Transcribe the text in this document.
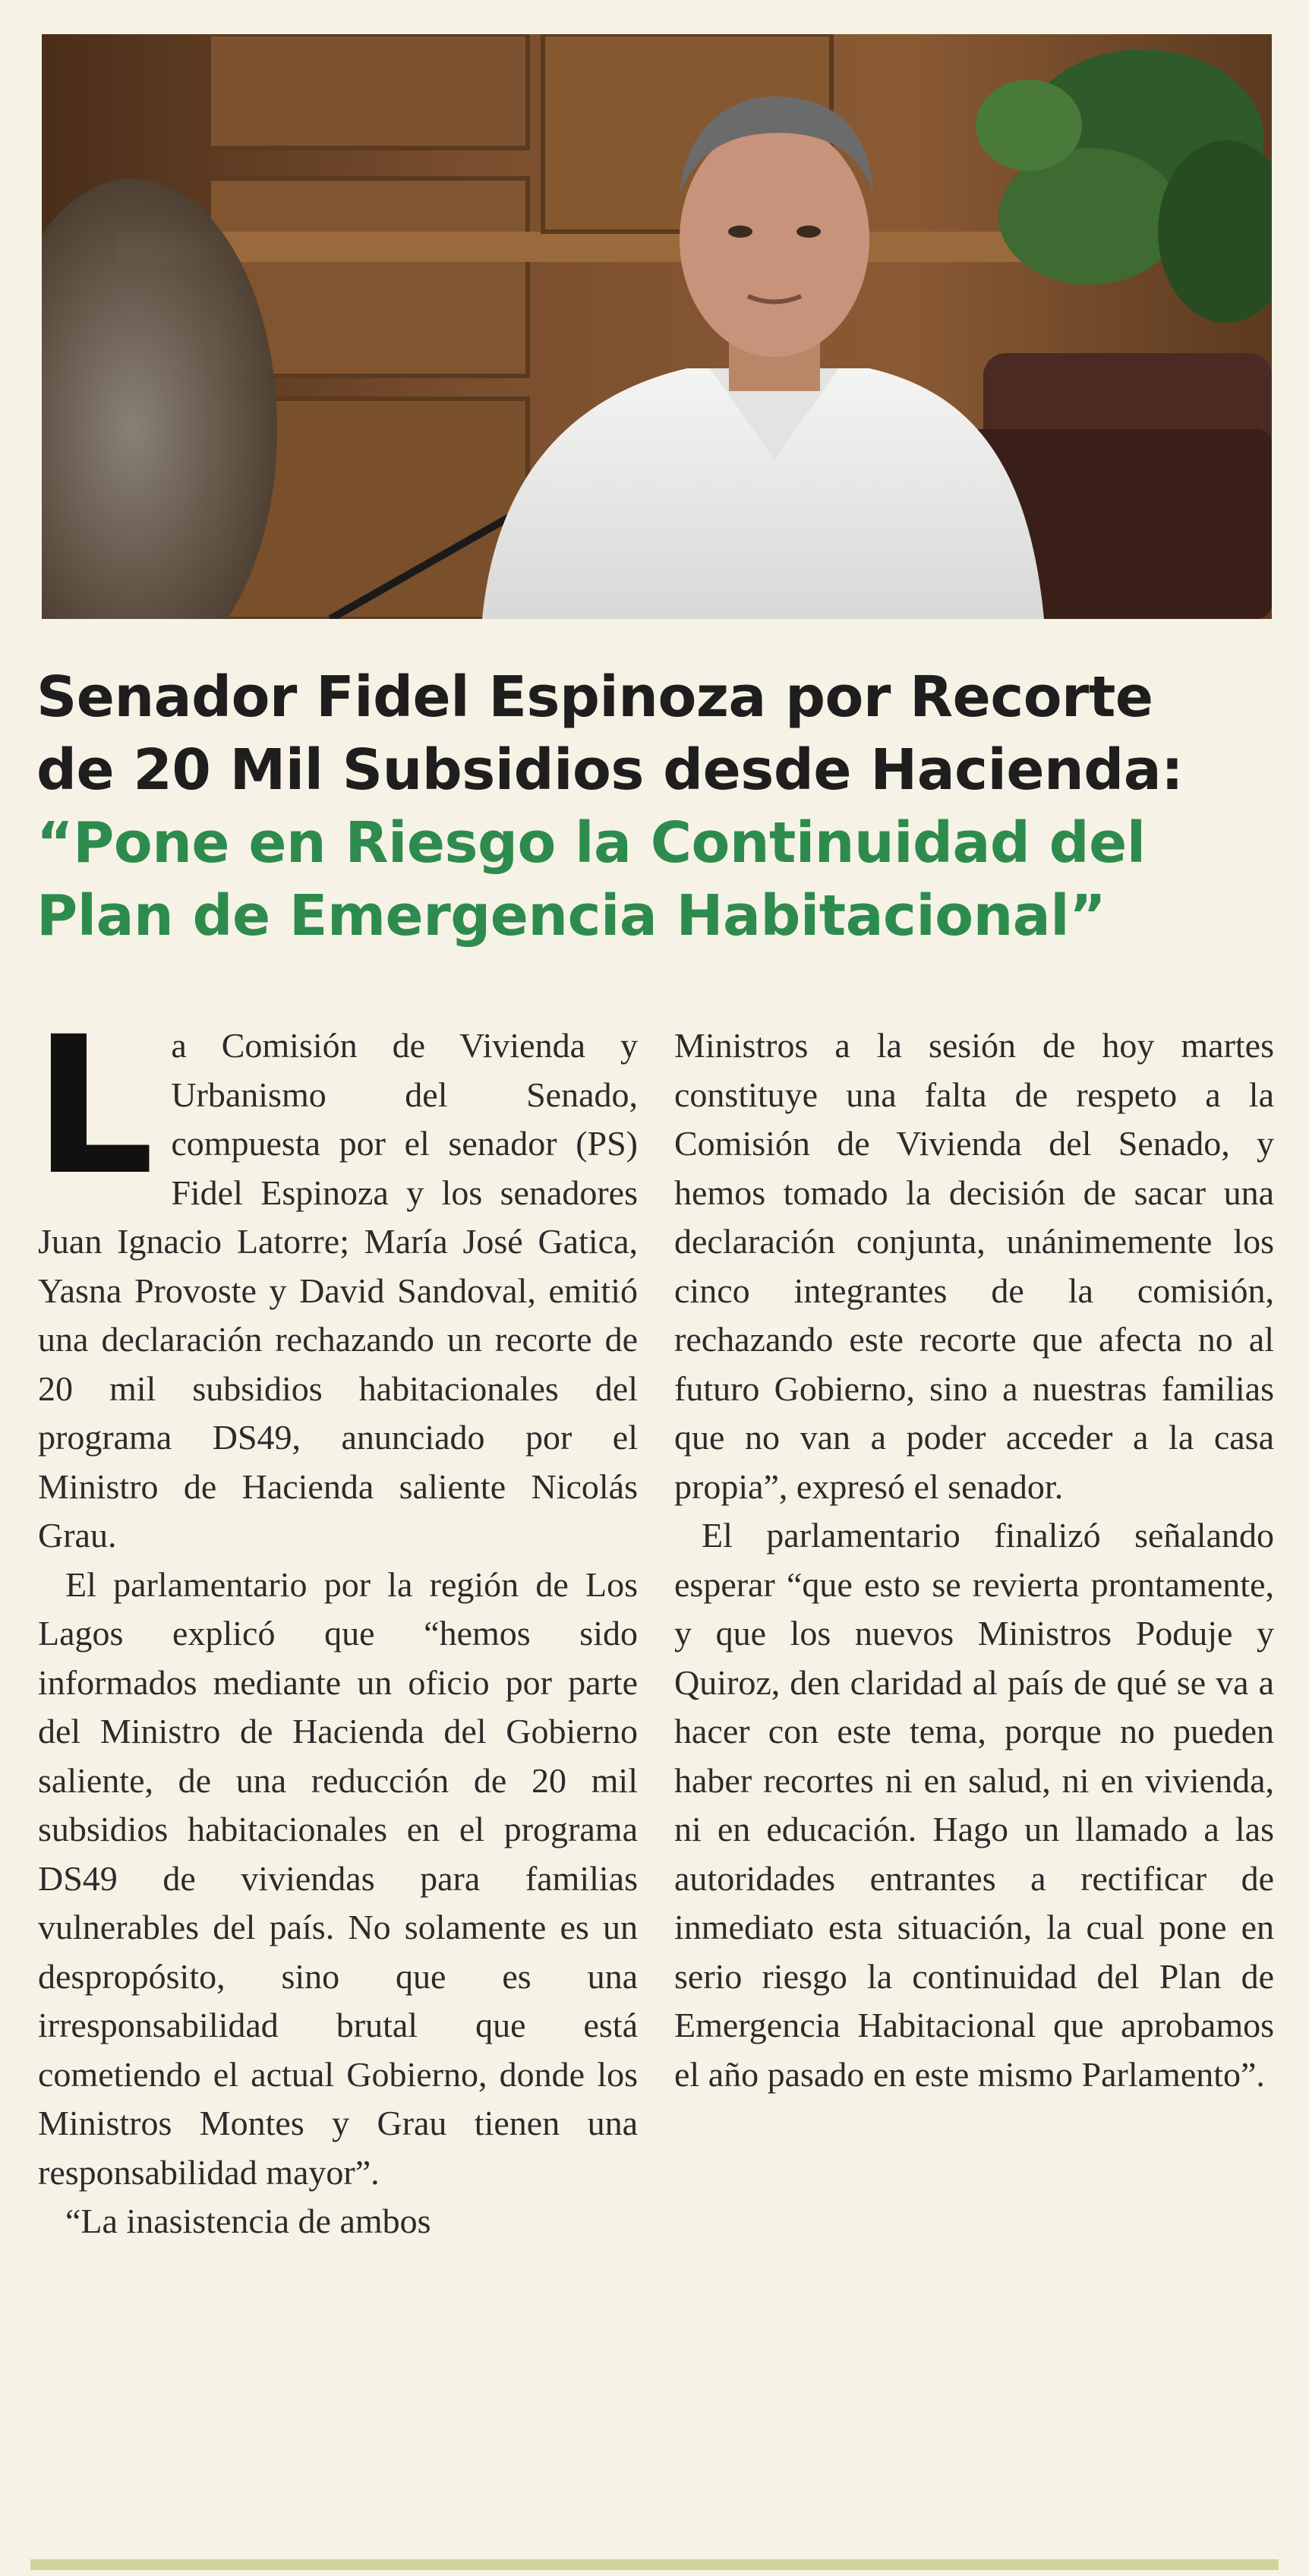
Senador Fidel Espinoza por Recorte
de 20 Mil Subsidios desde Hacienda:
“Pone en Riesgo la Continuidad del
Plan de Emergencia Habitacional”

La Comisión de Vivienda y Urbanismo del Senado, compuesta por el senador (PS) Fidel Espinoza y los senadores Juan Ignacio Latorre; María José Gatica, Yasna Provoste y David Sandoval, emitió una declaración rechazando un recorte de 20 mil subsidios habitacionales del programa DS49, anunciado por el Ministro de Hacienda saliente Nicolás Grau.

El parlamentario por la región de Los Lagos explicó que “hemos sido informados mediante un oficio por parte del Ministro de Hacienda del Gobierno saliente, de una reducción de 20 mil subsidios habitacionales en el programa DS49 de viviendas para familias vulnerables del país. No solamente es un despropósito, sino que es una irresponsabilidad brutal que está cometiendo el actual Gobierno, donde los Ministros Montes y Grau tienen una responsabilidad mayor”.

“La inasistencia de ambos

Ministros a la sesión de hoy martes constituye una falta de respeto a la Comisión de Vivienda del Senado, y hemos tomado la decisión de sacar una declaración conjunta, unánimemente los cinco integrantes de la comisión, rechazando este recorte que afecta no al futuro Gobierno, sino a nuestras familias que no van a poder acceder a la casa propia”, expresó el senador.

El parlamentario finalizó señalando esperar “que esto se revierta prontamente, y que los nuevos Ministros Poduje y Quiroz, den claridad al país de qué se va a hacer con este tema, porque no pueden haber recortes ni en salud, ni en vivienda, ni en educación. Hago un llamado a las autoridades entrantes a rectificar de inmediato esta situación, la cual pone en serio riesgo la continuidad del Plan de Emergencia Habitacional que aprobamos el año pasado en este mismo Parlamento”.
